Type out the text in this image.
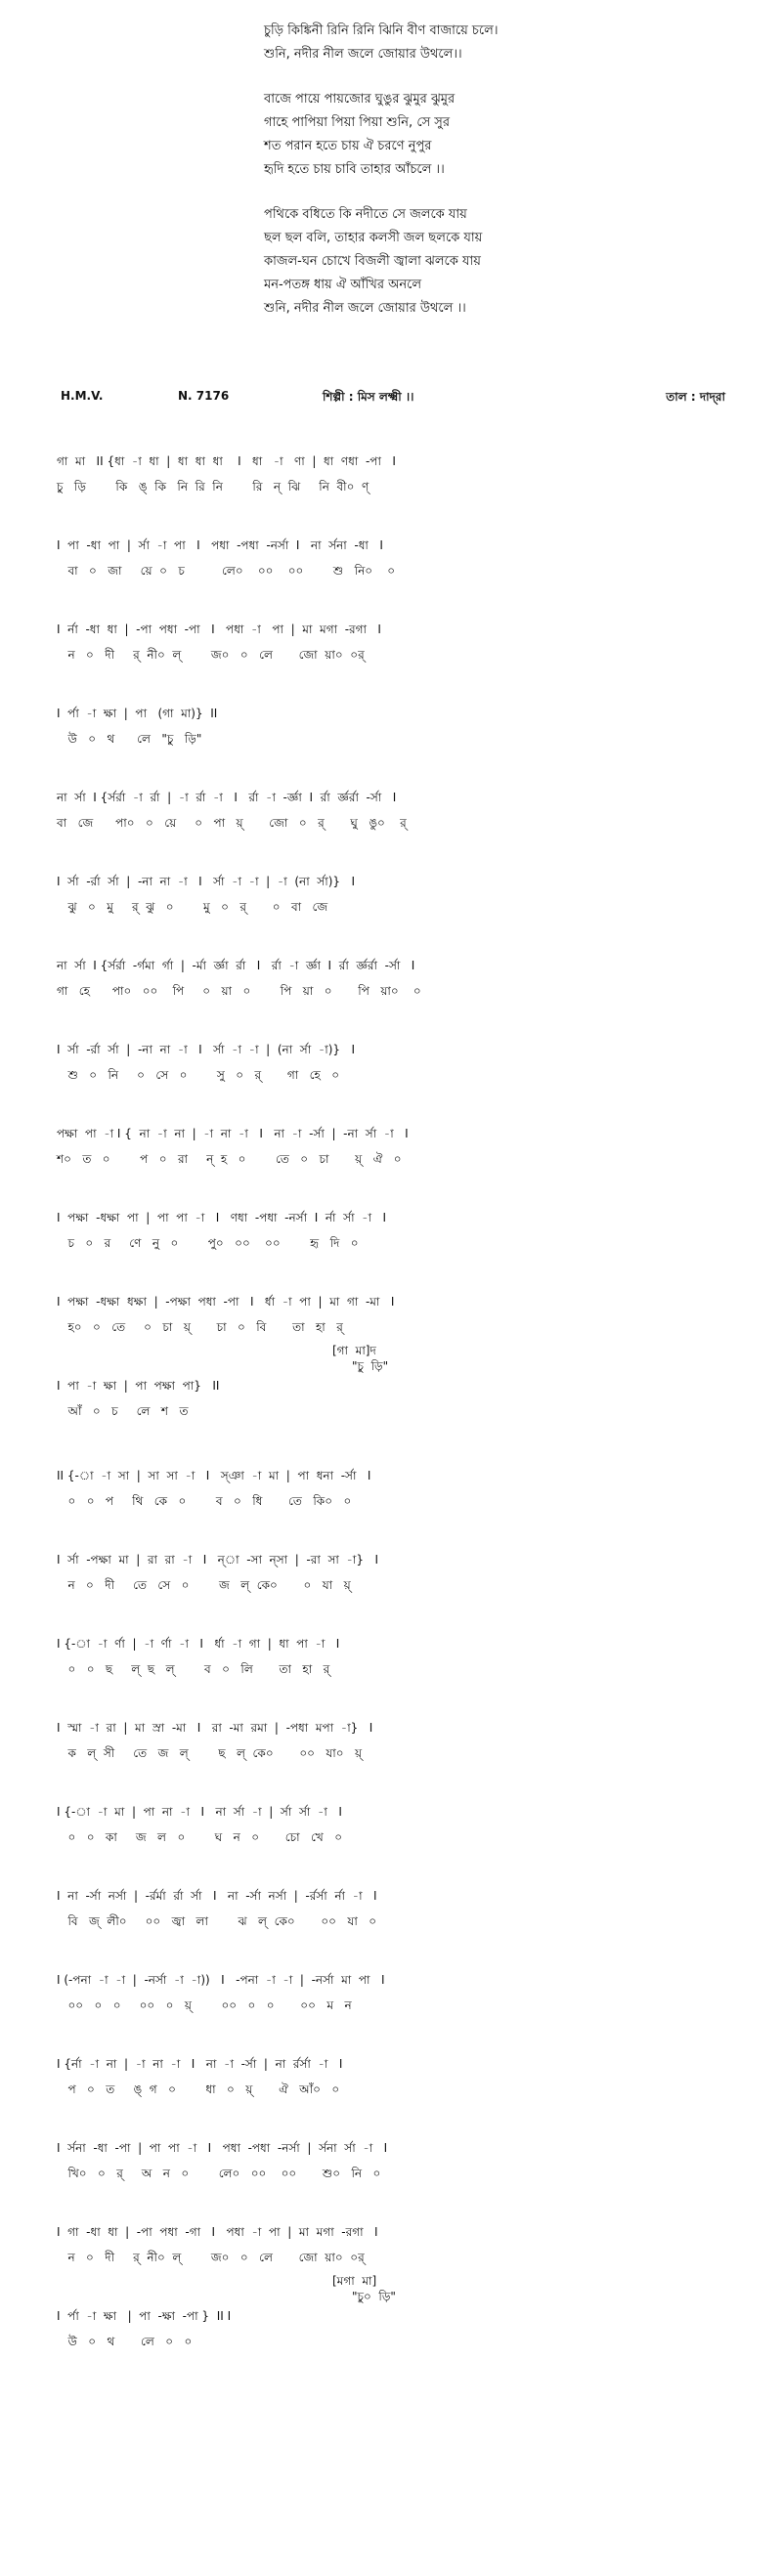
চুড়ি কিঙ্কিনী রিনি রিনি ঝিনি বীণ বাজায়ে চলে।
শুনি, নদীর নীল জলে জোয়ার উথলে।।
বাজে পায়ে পায়জোর ঘুঙুর ঝুমুর ঝুমুর
গাহে পাপিয়া পিয়া পিয়া শুনি, সে সুর
শত পরান হতে চায় ঐ চরণে নুপুর
হৃদি হতে চায় চাবি তাহার আঁচলে ।।
পথিকে বধিতে কি নদীতে সে জলকে যায়
ছল ছল বলি, তাহার কলসী জল ছলকে যায়
কাজল-ঘন চোখে বিজলী জ্বালা ঝলকে যায়
মন-পতঙ্গ ধায় ঐ আঁখির অনলে
শুনি, নদীর নীল জলে জোয়ার উথলে ।।
H.M.V.	N. 7176	শিল্পী : মিস লক্ষ্মী ।।	তাল : দাদ্‌রা
গা  মা   II {ধা  -া  ধা  |  ধা  ধা  ধা    I   ধা   -া   ণা  |  ধা  ণধা  -পা   I
চু   ড়ি        কি   ঙ্‌  কি   নি  রি  নি        রি   ন্‌  ঝি     নি  বী০  ণ্‌
I  পা  -ধা  পা  |  র্সা  -া  পা   I   পধা  -পধা  -নর্সা  I   না  র্সনা  -ধা   I
বা   ০   জা     য়ে  ০   চ          লে০    ০০    ০০        শু   নি০    ০
I  র্না  -ধা  ধা  |  -পা  পধা  -পা   I   পধা  -া   পা  |  মা  মগা  -রগা   I
ন   ০   দী     র্‌  নী০  ল্‌        জ০   ০   লে       জো  য়া০  ০র্‌
I  র্পা  -া  ক্ষা  |  পা   (গা  মা)}  II
উ   ০   থ      লে   "চু   ড়ি"
না  র্সা  I {র্সর্রা  -া  র্রা  |  -া  র্রা  -া   I   র্রা  -া  -র্জ্ঞা  I  র্রা  র্জ্ঞর্রা  -র্সা   I
বা   জে      পা০   ০   য়ে     ০   পা   য়্‌       জো   ০   র্‌       ঘু   ঙু০    র্‌
I  র্সা  -র্রা  র্সা  |  -না  না  -া   I   র্সা  -া  -া  |  -া  (না  র্সা)}   I
ঝু   ০   মু     র্‌  ঝু   ০        মু   ০   র্‌       ০   বা   জে
না  র্সা  I {র্সর্রা  -র্গমা  র্গা  |  -র্মা  র্জ্ঞা  র্রা   I   র্রা  -া  র্জ্ঞা  I  র্রা  র্জ্ঞর্রা  -র্সা   I
গা   হে      পা০   ০০    পি     ০   য়া   ০        পি   য়া   ০       পি   য়া০    ০
I  র্সা  -র্রা  র্সা  |  -না  না  -া   I   র্সা  -া  -া  |  (না  র্সা  -া)}   I
শু   ০   নি     ০   সে   ০        সু   ০   র্‌       গা   হে   ০
পক্ষা  পা  -া I {  না  -া  না  |  -া  না  -া   I   না  -া  -র্সা  |  -না  র্সা  -া   I
শ০   ত   ০        প   ০   রা     ন্‌  হ   ০        তে   ০   চা       য়্‌   ঐ   ০
I  পক্ষা  -ধক্ষা  পা  |  পা  পা  -া   I   ণধা  -পধা  -নর্সা  I  র্না  র্সা  -া   I
চ   ০   র     ণে   নু   ০        পু০   ০০    ০০        হৃ   দি   ০
I  পক্ষা  -ধক্ষা  ধক্ষা  |  -পক্ষা  পধা  -পা   I   র্ধা  -া  পা  |  মা  গা  -মা   I
হ০   ০   তে     ০   চা   য়্‌       চা   ০   বি       তা   হা   র্‌
[গা  মা]দ
"চু  ড়ি"
I  পা  -া  ক্ষা  |  পা  পক্ষা  পা}   II
আঁ   ০   চ     লে   শ   ত
II {-া  -া  সা  |  সা  সা  -া   I   স্ঞা  -া  মা  |  পা  ধনা  -র্সা   I
০   ০   প     থি   কে   ০        ব   ০   ধি       তে   কি০   ০
I  র্সা  -পক্ষা  মা  |  রা  রা  -া   I   ন্‌া  -সা  ন্‌সা  |  -রা  সা  -া}   I
ন   ০   দী     তে   সে   ০        জ   ল্‌  কে০       ০   যা   য়্‌
I {-া  -া  র্ণা  |  -া  র্ণা  -া   I   র্ধা  -া  গা  |  ধা  পা  -া   I
০   ০   ছ     ল্‌  ছ   ল্‌        ব   ০   লি       তা   হা   র্‌
I  স্মা  -া  রা  |  মা  স্রা  -মা   I   রা  -মা  রমা  |  -পধা  মপা  -া}   I
ক   ল্‌  সী     তে   জ   ল্‌        ছ   ল্‌  কে০       ০০   যা০   য়্‌
I {-া  -া  মা  |  পা  না  -া   I   না  র্সা  -া  |  র্সা  র্সা  -া   I
০   ০   কা     জ   ল   ০        ঘ   ন   ০       চো   খে   ০
I  না  -র্সা  নর্সা  |  -র্রর্মা  র্রা  র্সা   I   না  -র্সা  নর্সা  |  -র্রর্সা  র্না  -া   I
বি   জ্‌  লী০     ০০   জ্বা   লা        ঝ   ল্‌  কে০       ০০   যা   ০
I (-পনা  -া  -া  |  -নর্সা  -া  -া))   I   -পনা  -া  -া  |  -নর্সা  মা  পা   I
০০   ০   ০     ০০   ০   য়্‌        ০০   ০   ০       ০০   ম   ন
I {র্না  -া  না  |  -া  না  -া   I   না  -া  -র্সা  |  না  র্রর্সা  -া   I
প   ০   ত     ঙ্‌  গ   ০        ধা   ০   য়্‌       ঐ   আঁ০   ০
I  র্সনা  -ধা  -পা  |  পা  পা  -া   I   পধা  -পধা  -নর্সা  |  র্সনা  র্সা  -া   I
খি০   ০   র্‌     অ   ন   ০        লে০   ০০    ০০       শু০   নি   ০
I  গা  -ধা  ধা  |  -পা  পধা  -গা   I   পধা  -া  পা  |  মা  মগা  -রগা   I
ন   ০   দী     র্‌  নী০  ল্‌        জ০   ০   লে       জো  য়া০  ০র্‌
[মগা  মা]
"চু০  ড়ি"
I  র্পা  -া  ক্ষা   |  পা  -ক্ষা  -পা }  II I
উ   ০   থ       লে   ০   ০
